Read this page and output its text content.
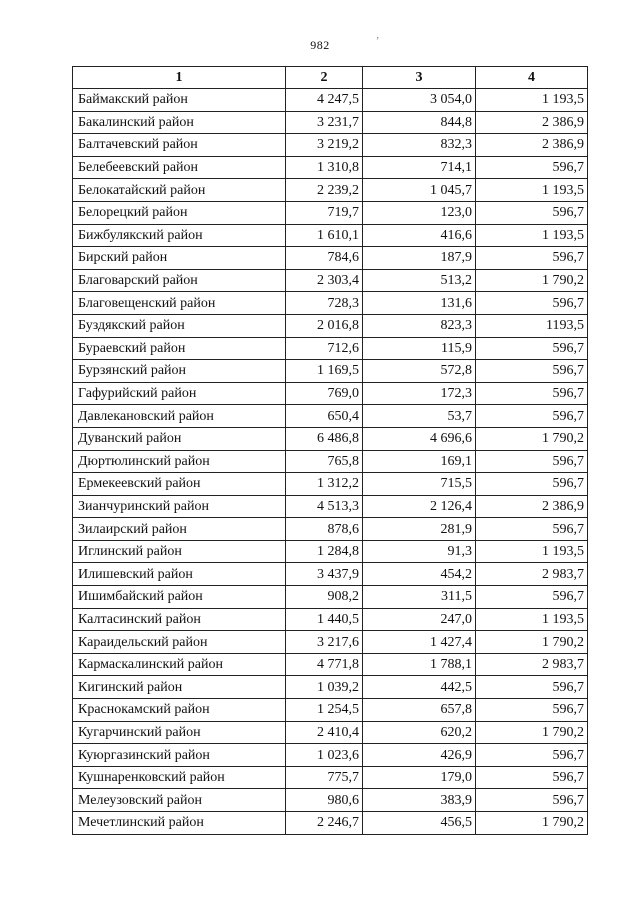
982	’
1	2	3	4
Баймакский район	4 247,5	3 054,0	1 193,5
Бакалинский район	3 231,7	844,8	2 386,9
Балтачевский район	3 219,2	832,3	2 386,9
Белебеевский район	1 310,8	714,1	596,7
Белокатайский район	2 239,2	1 045,7	1 193,5
Белорецкий район	719,7	123,0	596,7
Бижбулякский район	1 610,1	416,6	1 193,5
Бирский район	784,6	187,9	596,7
Благоварский район	2 303,4	513,2	1 790,2
Благовещенский район	728,3	131,6	596,7
Буздякский район	2 016,8	823,3	1193,5
Бураевский район	712,6	115,9	596,7
Бурзянский район	1 169,5	572,8	596,7
Гафурийский район	769,0	172,3	596,7
Давлекановский район	650,4	53,7	596,7
Дуванский район	6 486,8	4 696,6	1 790,2
Дюртюлинский район	765,8	169,1	596,7
Ермекеевский район	1 312,2	715,5	596,7
Зианчуринский район	4 513,3	2 126,4	2 386,9
Зилаирский район	878,6	281,9	596,7
Иглинский район	1 284,8	91,3	1 193,5
Илишевский район	3 437,9	454,2	2 983,7
Ишимбайский район	908,2	311,5	596,7
Калтасинский район	1 440,5	247,0	1 193,5
Караидельский район	3 217,6	1 427,4	1 790,2
Кармаскалинский район	4 771,8	1 788,1	2 983,7
Кигинский район	1 039,2	442,5	596,7
Краснокамский район	1 254,5	657,8	596,7
Кугарчинский район	2 410,4	620,2	1 790,2
Куюргазинский район	1 023,6	426,9	596,7
Кушнаренковский район	775,7	179,0	596,7
Мелеузовский район	980,6	383,9	596,7
Мечетлинский район	2 246,7	456,5	1 790,2
